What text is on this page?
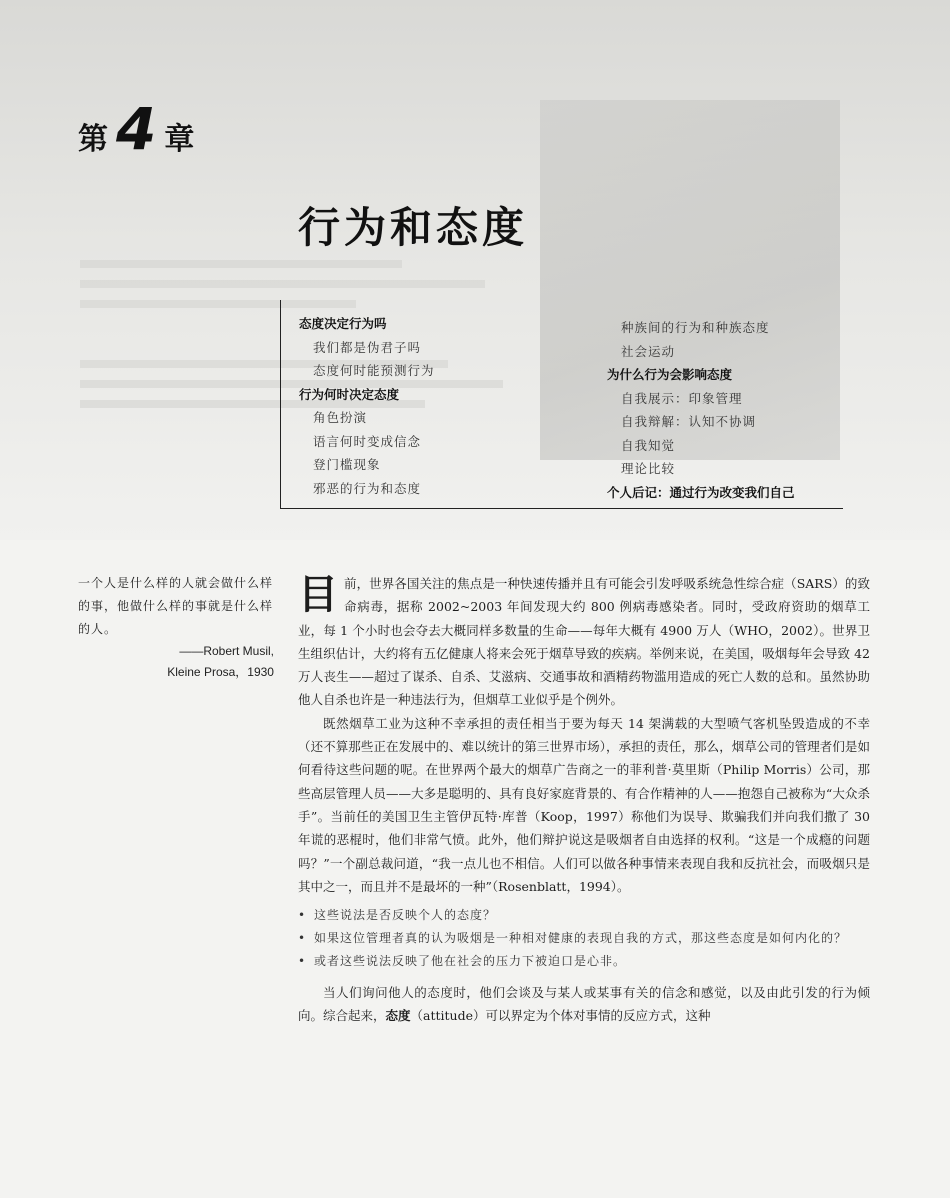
第 4 章
行为和态度
态度决定行为吗
我们都是伪君子吗
态度何时能预测行为
行为何时决定态度
角色扮演
语言何时变成信念
登门槛现象
邪恶的行为和态度
种族间的行为和种族态度
社会运动
为什么行为会影响态度
自我展示：印象管理
自我辩解：认知不协调
自我知觉
理论比较
个人后记：通过行为改变我们自己
一个人是什么样的人就会做什么样的事，他做什么样的事就是什么样的人。
——Robert Musil,
Kleine Prosa，1930

目前，世界各国关注的焦点是一种快速传播并且有可能会引发呼吸系统急性综合症（SARS）的致命病毒，据称 2002~2003 年间发现大约 800 例病毒感染者。同时，受政府资助的烟草工业，每 1 个小时也会夺去大概同样多数量的生命——每年大概有 4900 万人（WHO，2002）。世界卫生组织估计，大约将有五亿健康人将来会死于烟草导致的疾病。举例来说，在美国，吸烟每年会导致 42 万人丧生——超过了谋杀、自杀、艾滋病、交通事故和酒精药物滥用造成的死亡人数的总和。虽然协助他人自杀也许是一种违法行为，但烟草工业似乎是个例外。

既然烟草工业为这种不幸承担的责任相当于要为每天 14 架满载的大型喷气客机坠毁造成的不幸（还不算那些正在发展中的、难以统计的第三世界市场），承担的责任，那么，烟草公司的管理者们是如何看待这些问题的呢。在世界两个最大的烟草广告商之一的菲利普·莫里斯（Philip Morris）公司，那些高层管理人员——大多是聪明的、具有良好家庭背景的、有合作精神的人——抱怨自己被称为“大众杀手”。当前任的美国卫生主管伊瓦特·库普（Koop，1997）称他们为误导、欺骗我们并向我们撒了 30 年谎的恶棍时，他们非常气愤。此外，他们辩护说这是吸烟者自由选择的权利。“这是一个成瘾的问题吗？”一个副总裁问道，“我一点儿也不相信。人们可以做各种事情来表现自我和反抗社会，而吸烟只是其中之一，而且并不是最坏的一种”（Rosenblatt，1994）。

• 这些说法是否反映个人的态度？
• 如果这位管理者真的认为吸烟是一种相对健康的表现自我的方式，那这些态度是如何内化的？
• 或者这些说法反映了他在社会的压力下被迫口是心非。

当人们询问他人的态度时，他们会谈及与某人或某事有关的信念和感觉，以及由此引发的行为倾向。综合起来，态度（attitude）可以界定为个体对事情的反应方式，这种
